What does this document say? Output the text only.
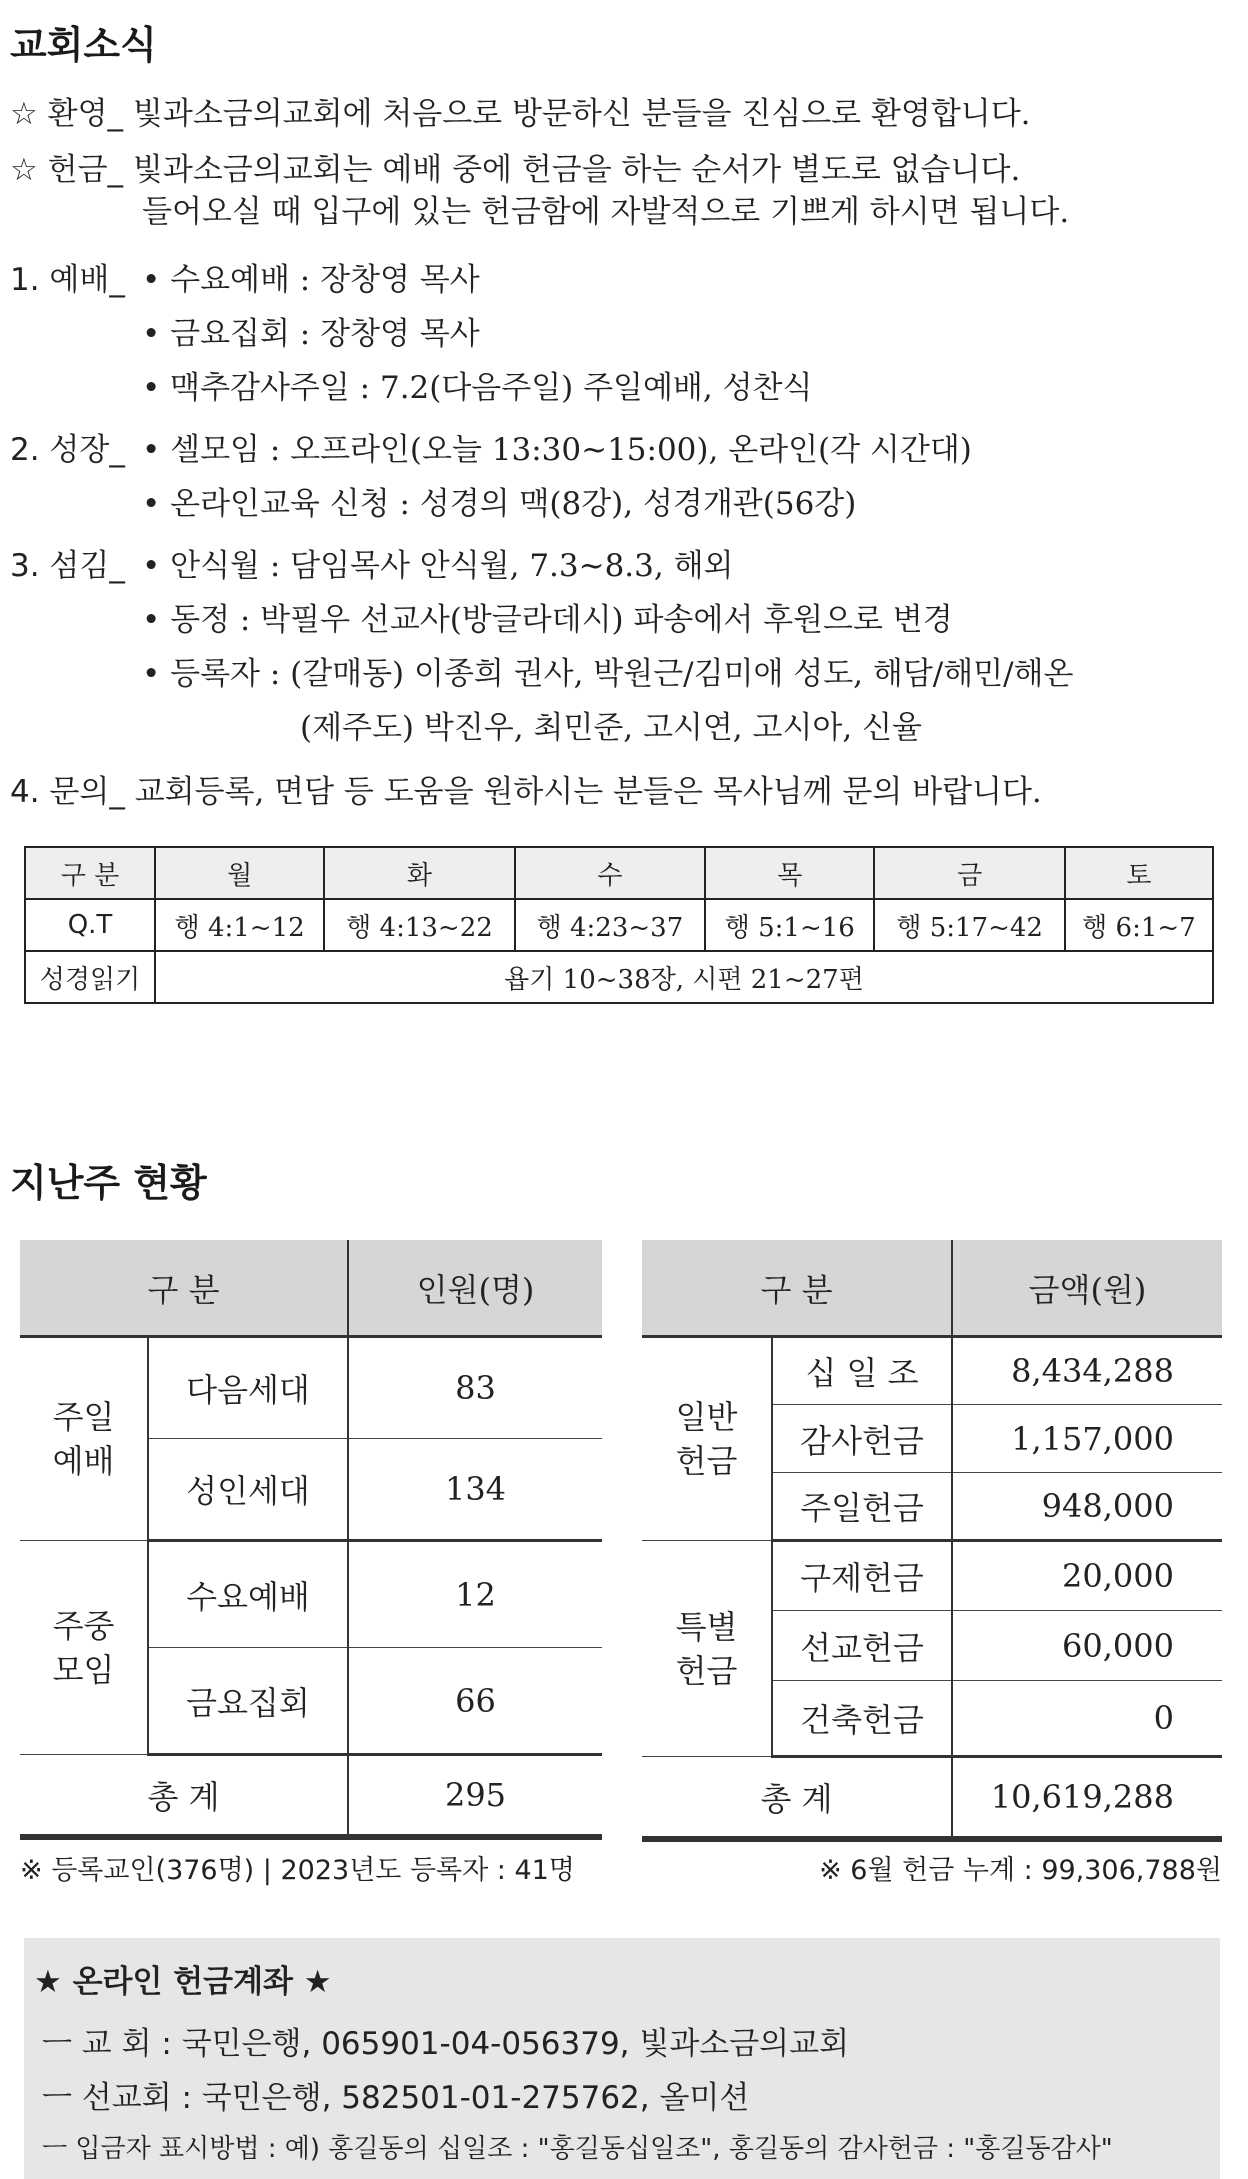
교회소식
☆ 환영_ 빛과소금의교회에 처음으로 방문하신 분들을 진심으로 환영합니다.
☆ 헌금_ 빛과소금의교회는 예배 중에 헌금을 하는 순서가 별도로 없습니다.
들어오실 때 입구에 있는 헌금함에 자발적으로 기쁘게 하시면 됩니다.
1. 예배_ • 수요예배 : 장창영 목사
• 금요집회 : 장창영 목사
• 맥추감사주일 : 7.2(다음주일) 주일예배, 성찬식
2. 성장_ • 셀모임 : 오프라인(오늘 13:30~15:00), 온라인(각 시간대)
• 온라인교육 신청 : 성경의 맥(8강), 성경개관(56강)
3. 섬김_ • 안식월 : 담임목사 안식월, 7.3~8.3, 해외
• 동정 : 박필우 선교사(방글라데시) 파송에서 후원으로 변경
• 등록자 : (갈매동) 이종희 권사, 박원근/김미애 성도, 해담/해민/해온
(제주도) 박진우, 최민준, 고시연, 고시아, 신율
4. 문의_ 교회등록, 면담 등 도움을 원하시는 분들은 목사님께 문의 바랍니다.
구 분	월	화	수	목	금	토
Q.T	행 4:1~12	행 4:13~22	행 4:23~37	행 5:1~16	행 5:17~42	행 6:1~7
성경읽기	욥기 10~38장, 시편 21~27편					
지난주 현황
구 분		인원(명)
주일
예배	다음세대	83
	성인세대	134
주중
모임	수요예배	12
	금요집회	66
총 계		295
구 분		금액(원)
일반
헌금	십 일 조	8,434,288
	감사헌금	1,157,000
	주일헌금	948,000
특별
헌금	구제헌금	20,000
	선교헌금	60,000
	건축헌금	0
총 계		10,619,288
※ 등록교인(376명) | 2023년도 등록자 : 41명	※ 6월 헌금 누계 : 99,306,788원
★ 온라인 헌금계좌 ★
ㅡ 교 회 : 국민은행, 065901-04-056379, 빛과소금의교회
ㅡ 선교회 : 국민은행, 582501-01-275762, 올미션
ㅡ 입금자 표시방법 : 예) 홍길동의 십일조 : "홍길동십일조", 홍길동의 감사헌금 : "홍길동감사"
